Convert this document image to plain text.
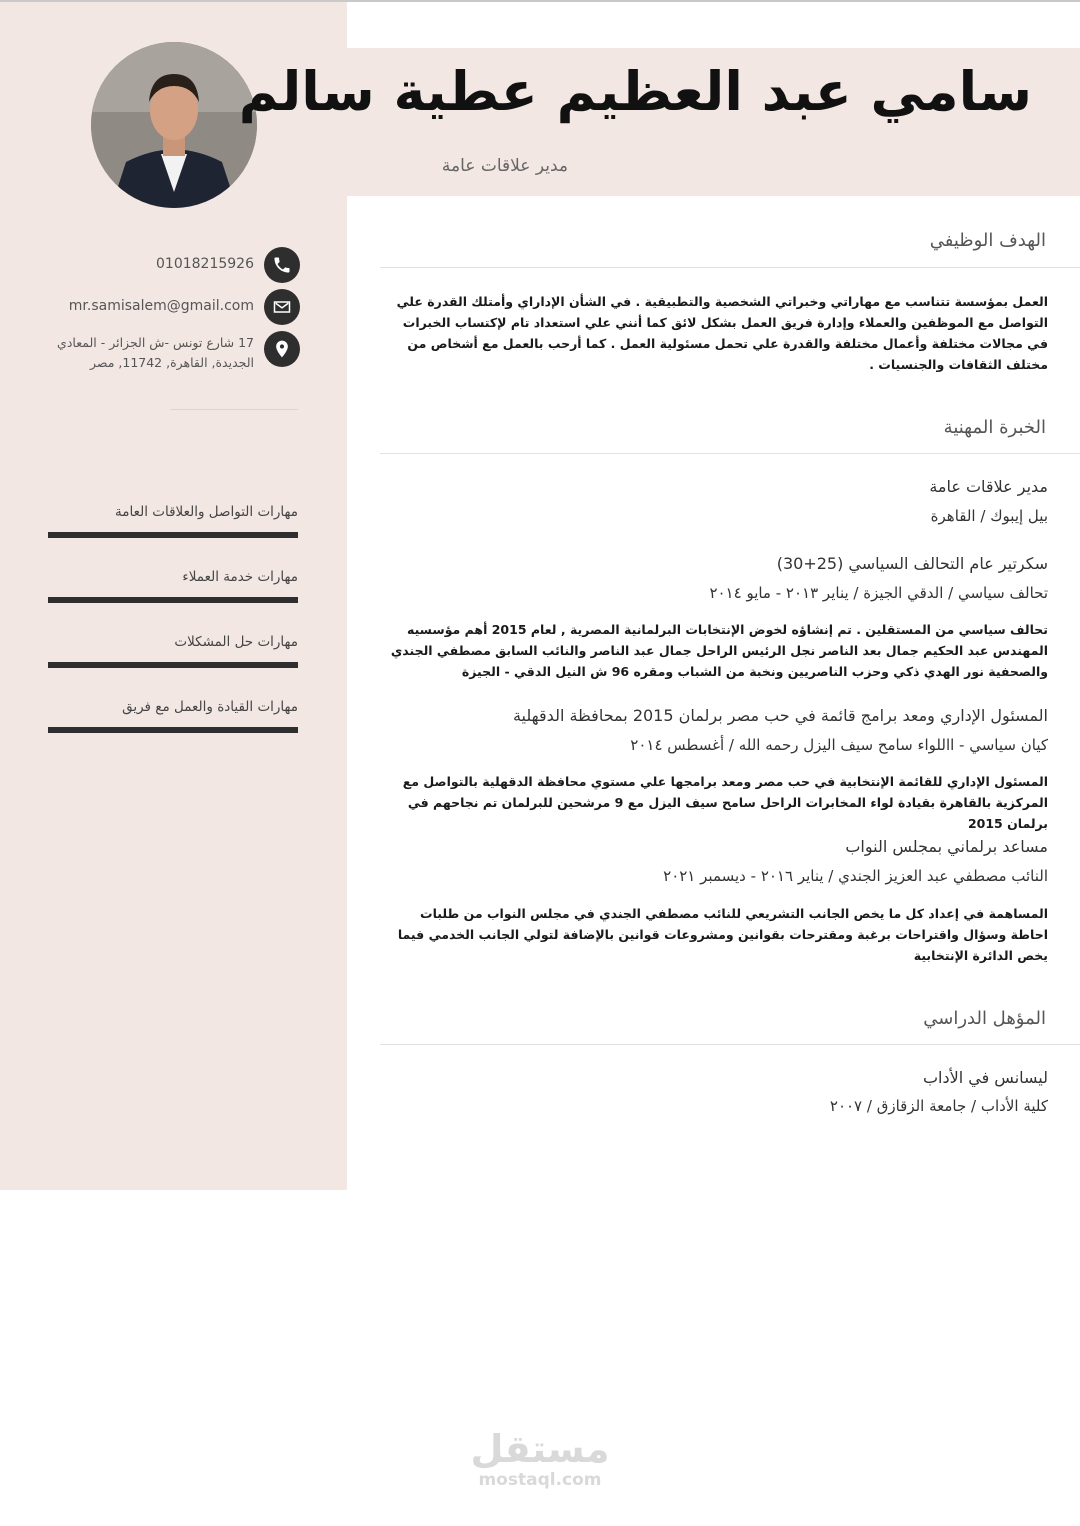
01018215926
mr.samisalem@gmail.com
17 شارع تونس -ش الجزائر - المعادي
الجديدة, القاهرة, 11742, مصر
مهارات التواصل والعلاقات العامة
مهارات خدمة العملاء
مهارات حل المشكلات
مهارات القيادة والعمل مع فريق
سامي عبد العظيم عطية سالم
مدير علاقات عامة
الهدف الوظيفي
العمل بمؤسسة تتناسب مع مهاراتي وخبراتي الشخصية والتطبيقية . في الشأن الإداراي وأمتلك القدرة علي التواصل مع الموظفين والعملاء وإدارة فريق العمل بشكل لائق كما أنني علي استعداد تام لإكتساب الخبرات في مجالات مختلفة وأعمال مختلفة والقدرة علي تحمل مسئولية العمل . كما أرحب بالعمل مع أشخاص من مختلف الثقافات والجنسيات .
الخبرة المهنية
مدير علاقات عامة
بيل إيبوك / القاهرة
سكرتير عام التحالف السياسي (25+30)
تحالف سياسي / الدقي الجيزة / يناير ٢٠١٣ - مايو ٢٠١٤
تحالف سياسي من المستقلين . تم إنشاؤه لخوض الإنتخابات البرلمانية المصرية , لعام 2015 أهم مؤسسيه المهندس عبد الحكيم جمال بعد الناصر نجل الرئيس الراحل جمال عبد الناصر والنائب السابق مصطفي الجندي والصحفية نور الهدي ذكي وحزب الناصريين ونخبة من الشباب ومقره 96 ش النيل الدقي - الجيزة
المسئول الإداري ومعد برامج قائمة في حب مصر برلمان 2015 بمحافظة الدقهلية
كيان سياسي - االلواء سامح سيف اليزل رحمه الله / أغسطس ٢٠١٤
المسئول الإداري للقائمة الإنتخابية في حب مصر ومعد برامجها علي مستوي محافظة الدقهلية بالتواصل مع المركزية بالقاهرة بقيادة لواء المخابرات الراحل سامح سيف اليزل مع 9 مرشحين للبرلمان تم نجاحهم في برلمان 2015
مساعد برلماني بمجلس النواب
النائب مصطفي عبد العزيز الجندي / يناير ٢٠١٦ - ديسمبر ٢٠٢١
المساهمة في إعداد كل ما يخص الجانب التشريعي للنائب مصطفي الجندي في مجلس النواب من طلبات احاطة وسؤال واقتراحات برغبة ومقترحات بقوانين ومشروعات قوانين بالإضافة لتولي الجانب الخدمي فيما يخص الدائرة الإنتخابية
المؤهل الدراسي
ليسانس في الأداب
كلية الأداب / جامعة الزقازق / ٢٠٠٧
مستقل
mostaql.com
